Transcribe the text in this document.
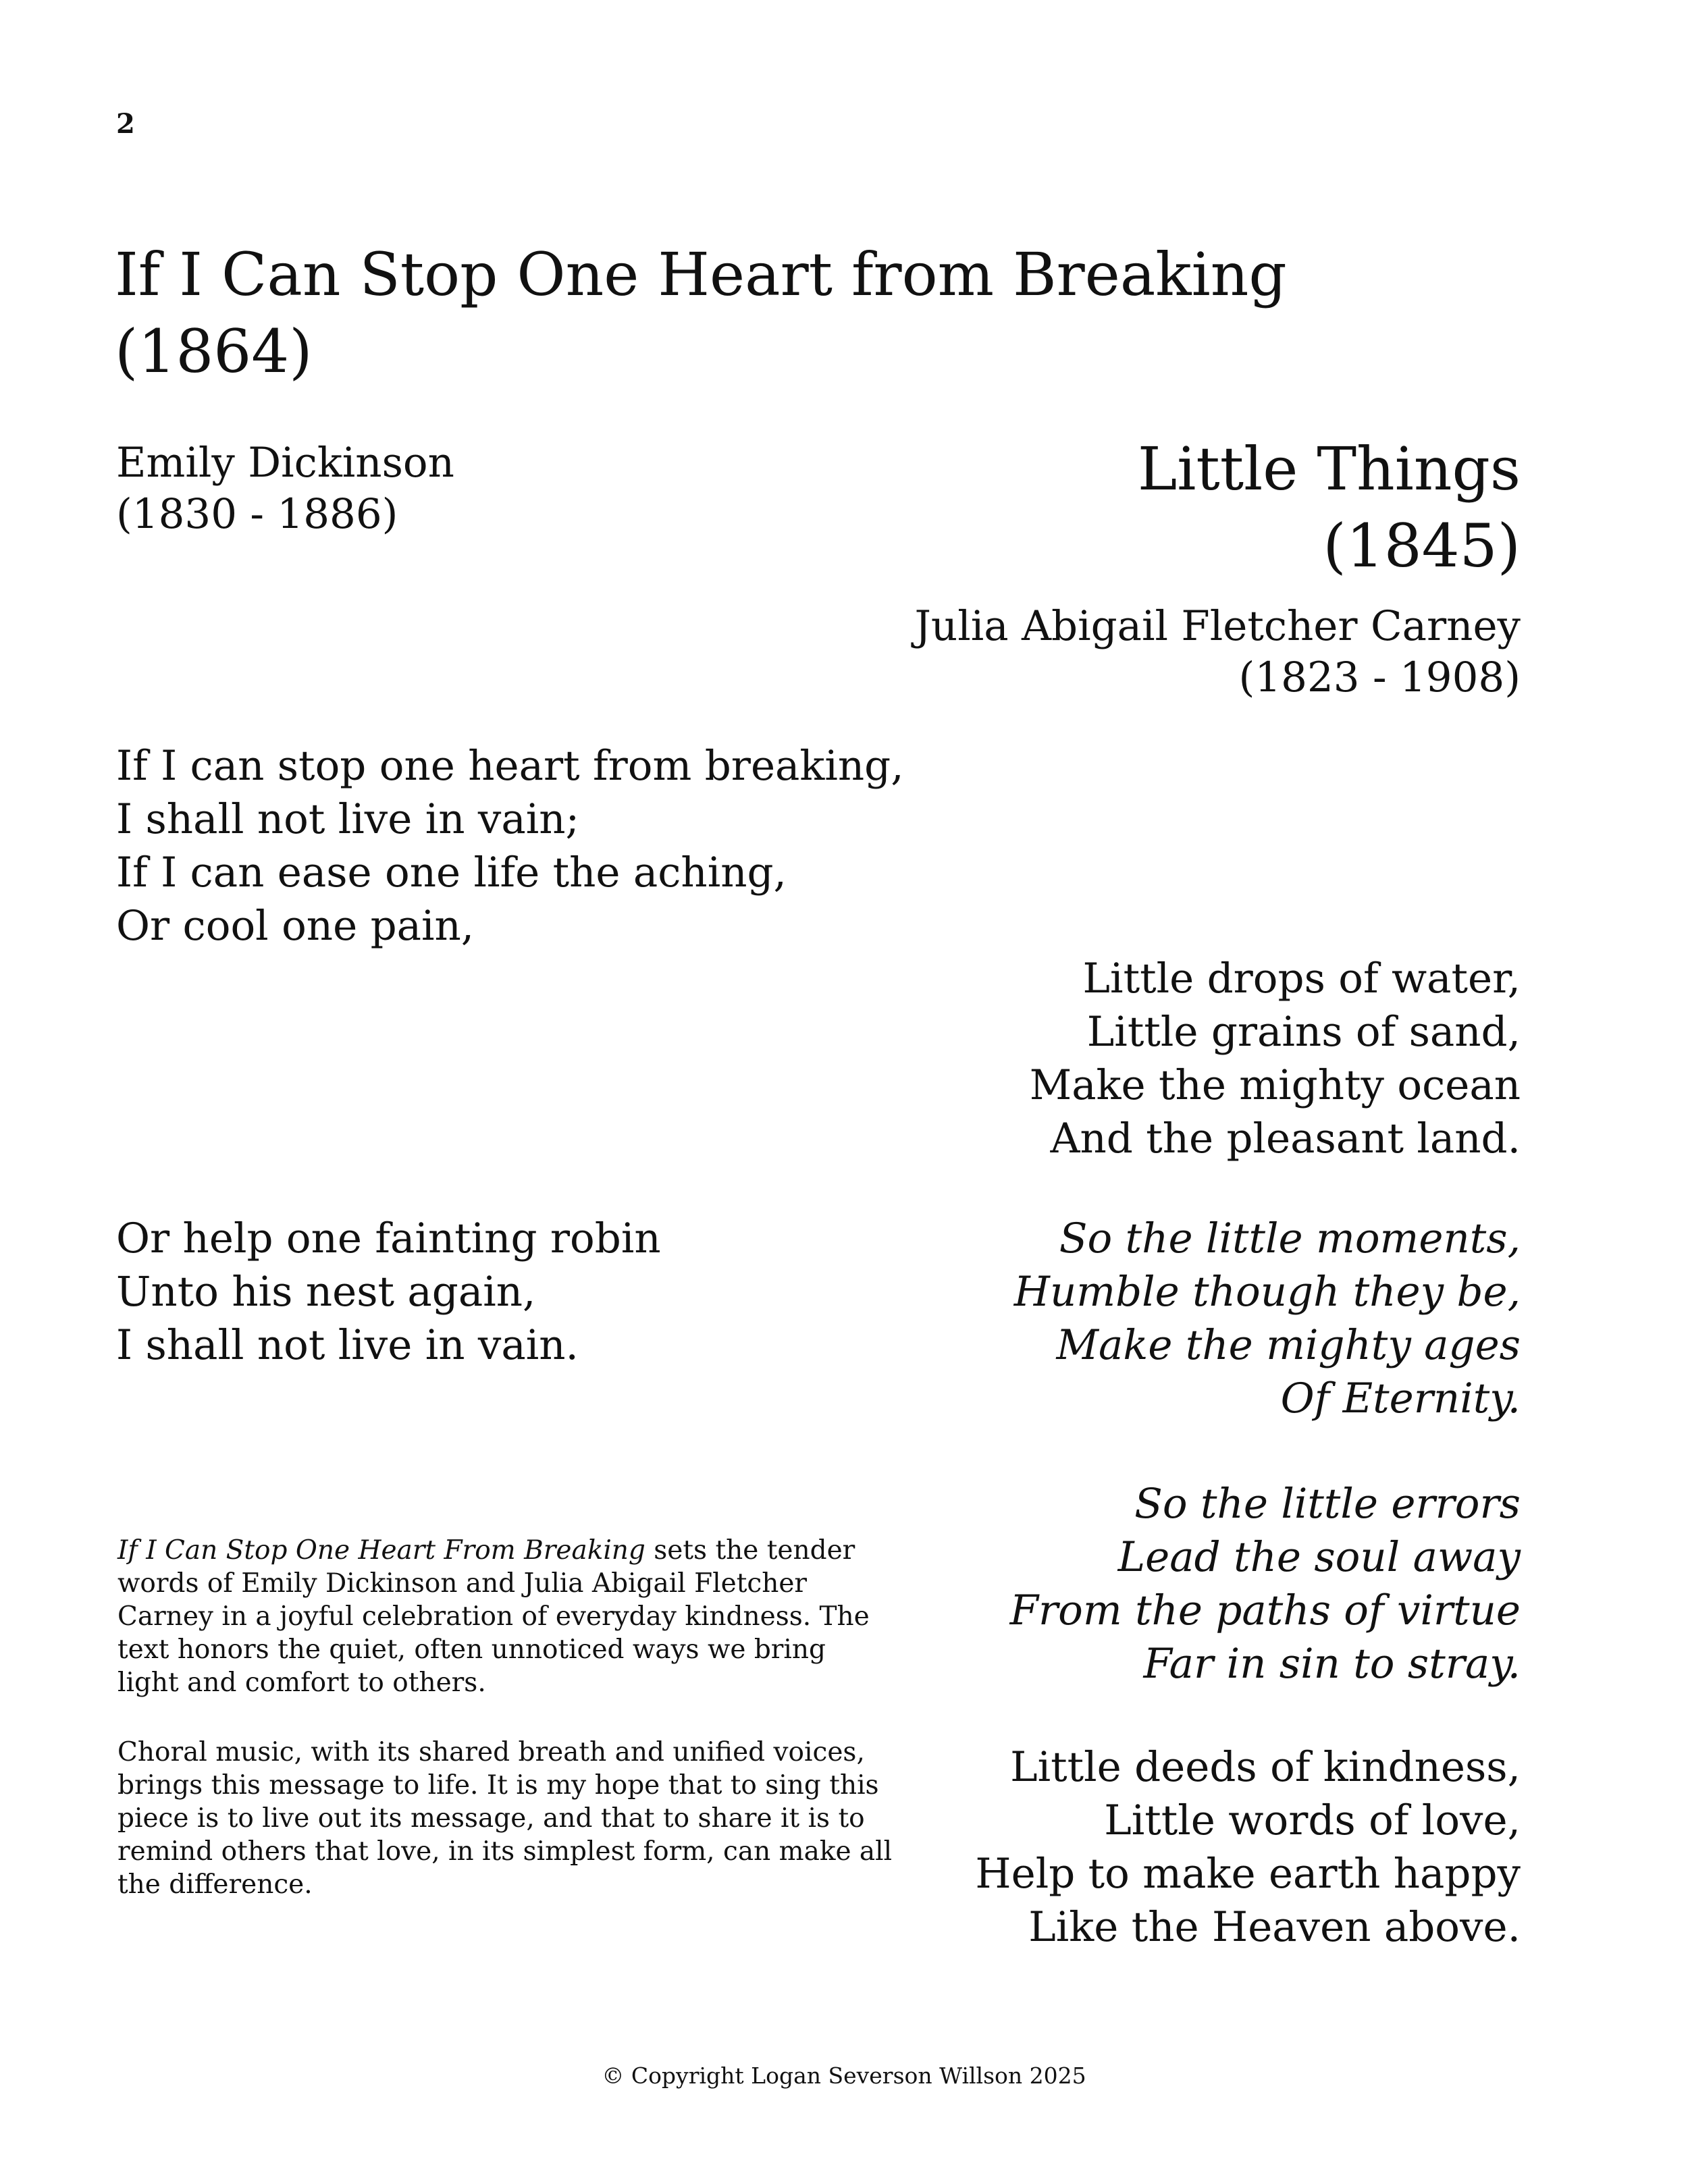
2
If I Can Stop One Heart from Breaking
(1864)
Emily Dickinson
(1830 - 1886)
Little Things
(1845)
Julia Abigail Fletcher Carney
(1823 - 1908)
If I can stop one heart from breaking,
I shall not live in vain;
If I can ease one life the aching,
Or cool one pain,
Or help one fainting robin
Unto his nest again,
I shall not live in vain.
Little drops of water,
Little grains of sand,
Make the mighty ocean
And the pleasant land.
So the little moments,
Humble though they be,
Make the mighty ages
Of Eternity.
So the little errors
Lead the soul away
From the paths of virtue
Far in sin to stray.
Little deeds of kindness,
Little words of love,
Help to make earth happy
Like the Heaven above.

If I Can Stop One Heart From Breaking sets the tender words of Emily Dickinson and Julia Abigail Fletcher Carney in a joyful celebration of everyday kindness. The text honors the quiet, often unnoticed ways we bring light and comfort to others.

Choral music, with its shared breath and unified voices, brings this message to life. It is my hope that to sing this piece is to live out its message, and that to share it is to remind others that love, in its simplest form, can make all the difference.

© Copyright Logan Severson Willson 2025
